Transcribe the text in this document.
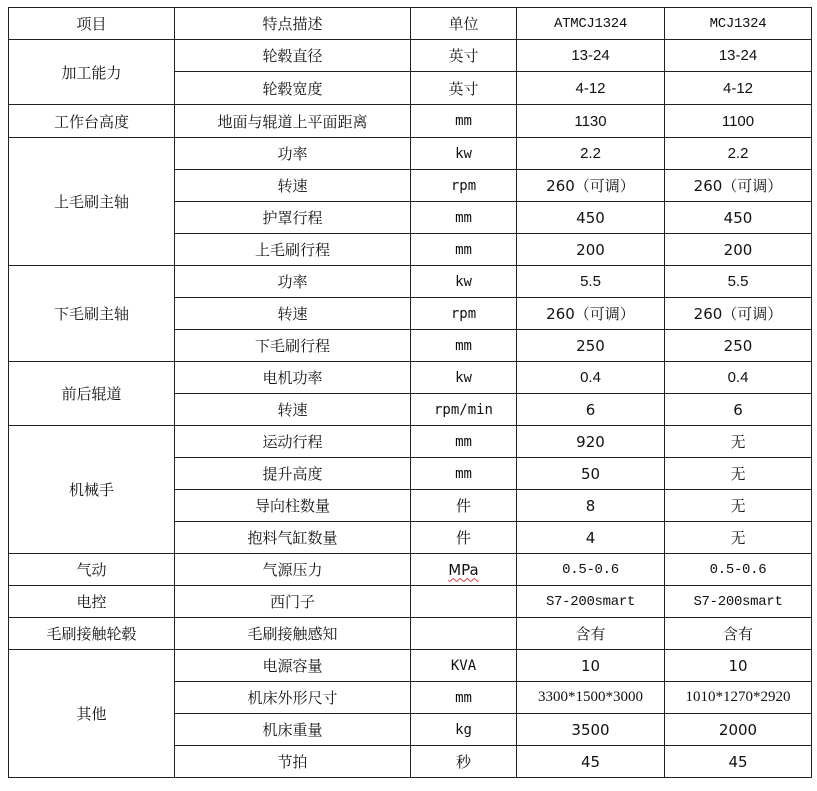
项目	特点描述	单位	ATMCJ1324	MCJ1324
加工能力	轮毂直径	英寸	13-24	13-24
	轮毂宽度	英寸	4-12	4-12
工作台高度	地面与辊道上平面距离	mm	1130	1100
上毛刷主轴	功率	kw	2.2	2.2
	转速	rpm	260（可调）	260（可调）
	护罩行程	mm	450	450
	上毛刷行程	mm	200	200
下毛刷主轴	功率	kw	5.5	5.5
	转速	rpm	260（可调）	260（可调）
	下毛刷行程	mm	250	250
前后辊道	电机功率	kw	0.4	0.4
	转速	rpm/min	6	6
机械手	运动行程	mm	920	无
	提升高度	mm	50	无
	导向柱数量	件	8	无
	抱料气缸数量	件	4	无
气动	气源压力	MPa	0.5-0.6	0.5-0.6
电控	西门子		S7-200smart	S7-200smart
毛刷接触轮毂	毛刷接触感知		含有	含有
其他	电源容量	KVA	10	10
	机床外形尺寸	mm	3300*1500*3000	1010*1270*2920
	机床重量	kg	3500	2000
	节拍	秒	45	45
